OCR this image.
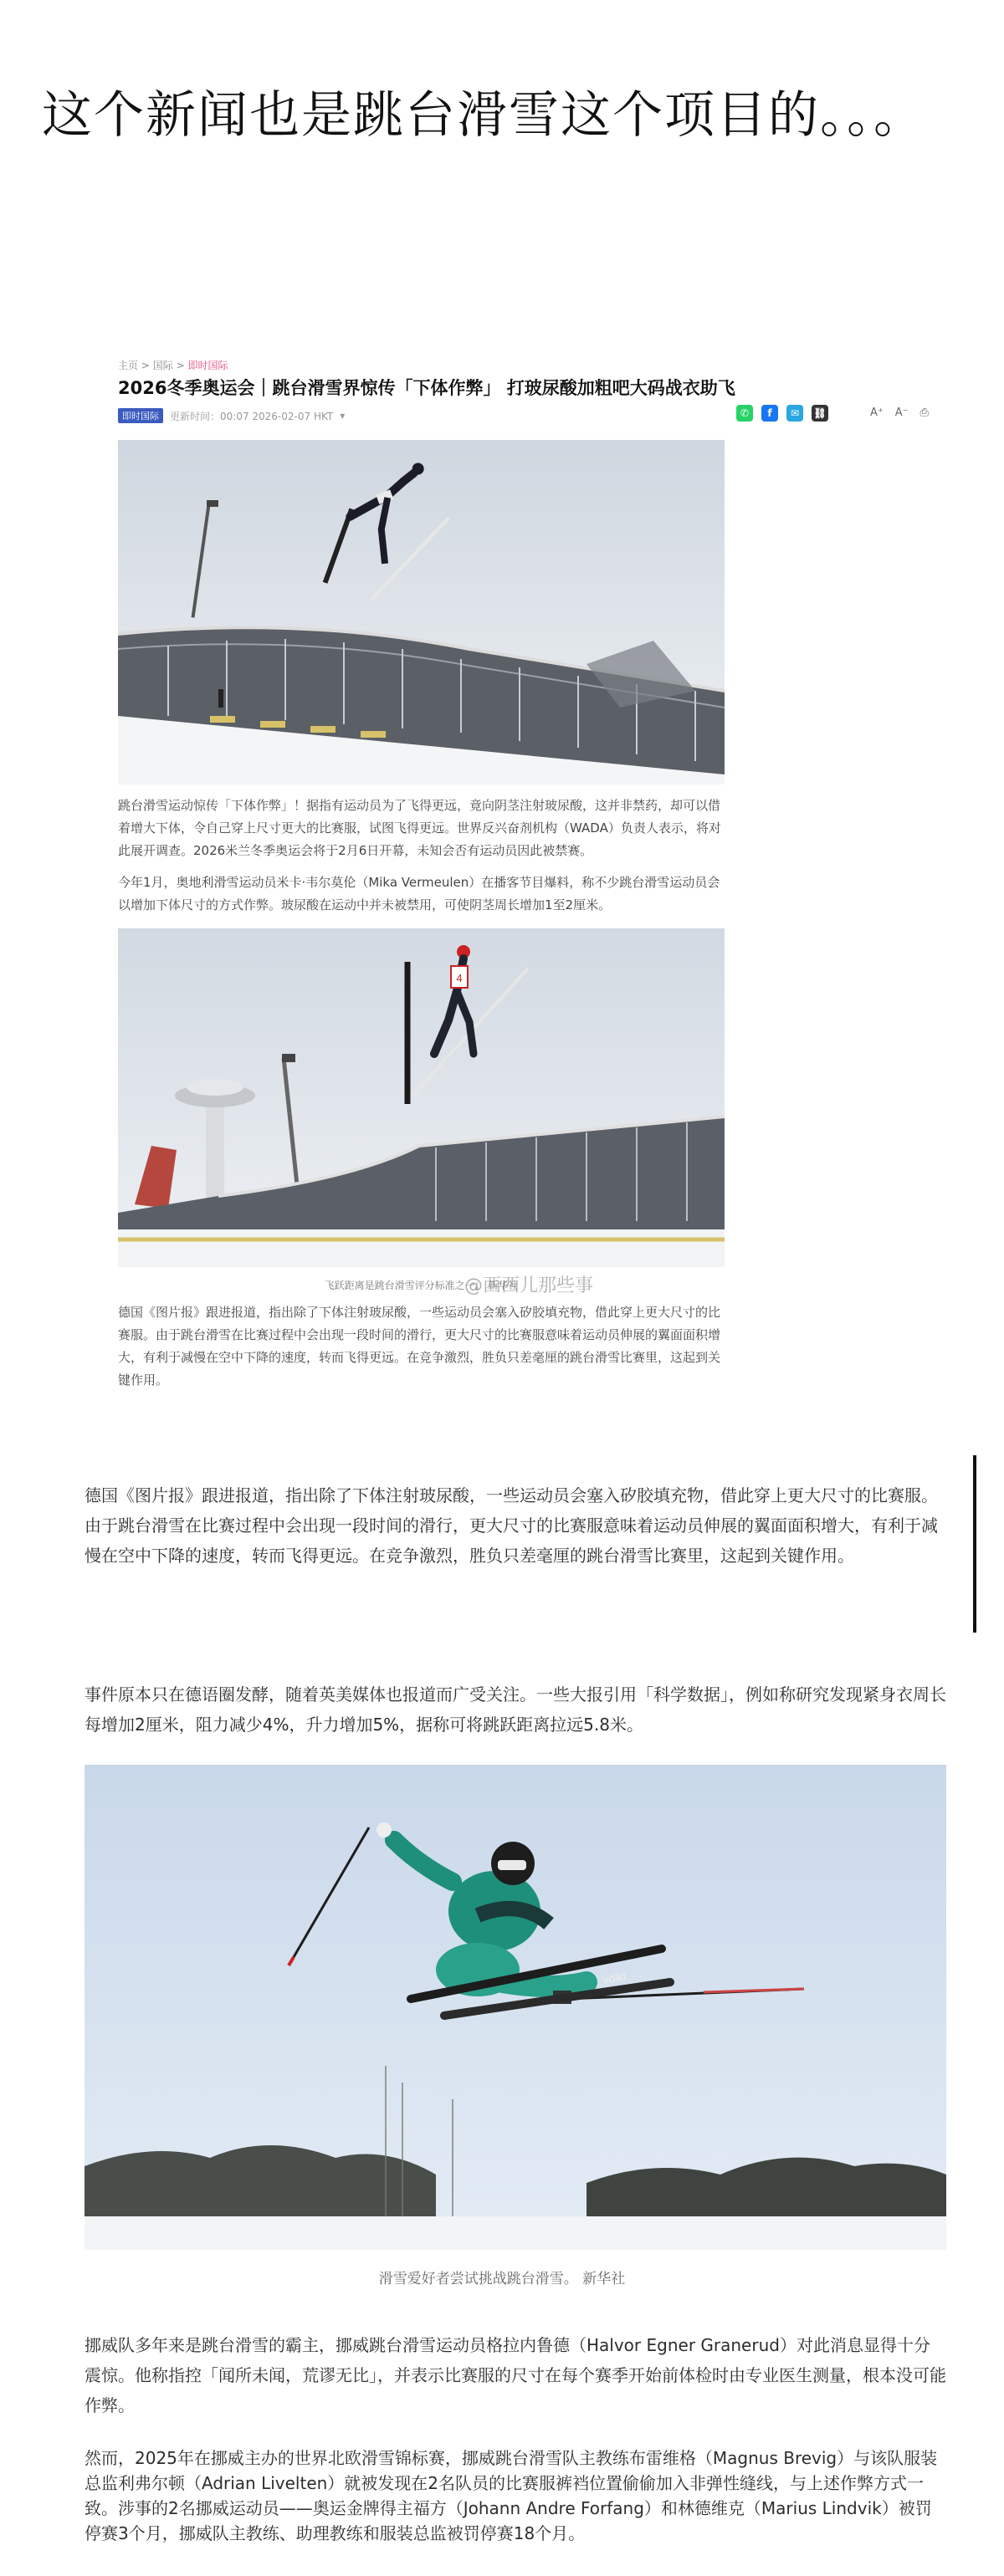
这个新闻也是跳台滑雪这个项目的。。。
主页 > 国际 > 即时国际
2026冬季奥运会｜跳台滑雪界惊传「下体作弊」 打玻尿酸加粗吧大码战衣助飞
即时国际	更新时间：00:07 2026-02-07 HKT ▾	✆	f	✉	⛓	A⁺ A⁻ ⎙
跳台滑雪运动惊传「下体作弊」！据指有运动员为了飞得更远，竟向阴茎注射玻尿酸，这并非禁药，却可以借着增大下体，令自己穿上尺寸更大的比赛服，试图飞得更远。世界反兴奋剂机构（WADA）负责人表示，将对此展开调查。2026米兰冬季奥运会将于2月6日开幕，未知会否有运动员因此被禁赛。
今年1月，奥地利滑雪运动员米卡·韦尔莫伦（Mika Vermeulen）在播客节目爆料，称不少跳台滑雪运动员会以增加下体尺寸的方式作弊。玻尿酸在运动中并未被禁用，可使阴茎周长增加1至2厘米。
4
飞跃距离是跳台滑雪评分标准之一。 新华社
@西西儿那些事
德国《图片报》跟进报道，指出除了下体注射玻尿酸，一些运动员会塞入矽胶填充物，借此穿上更大尺寸的比赛服。由于跳台滑雪在比赛过程中会出现一段时间的滑行，更大尺寸的比赛服意味着运动员伸展的翼面面积增大，有利于减慢在空中下降的速度，转而飞得更远。在竞争激烈，胜负只差毫厘的跳台滑雪比赛里，这起到关键作用。
德国《图片报》跟进报道，指出除了下体注射玻尿酸，一些运动员会塞入矽胶填充物，借此穿上更大尺寸的比赛服。由于跳台滑雪在比赛过程中会出现一段时间的滑行，更大尺寸的比赛服意味着运动员伸展的翼面面积增大，有利于减慢在空中下降的速度，转而飞得更远。在竞争激烈，胜负只差毫厘的跳台滑雪比赛里，这起到关键作用。
事件原本只在德语圈发酵，随着英美媒体也报道而广受关注。一些大报引用「科学数据」，例如称研究发现紧身衣周长每增加2厘米，阻力减少4%，升力增加5%，据称可将跳跃距离拉远5.8米。
völkl
滑雪爱好者尝试挑战跳台滑雪。 新华社
挪威队多年来是跳台滑雪的霸主，挪威跳台滑雪运动员格拉内鲁德（Halvor Egner Granerud）对此消息显得十分震惊。他称指控「闻所未闻，荒谬无比」，并表示比赛服的尺寸在每个赛季开始前体检时由专业医生测量，根本没可能作弊。
然而，2025年在挪威主办的世界北欧滑雪锦标赛，挪威跳台滑雪队主教练布雷维格（Magnus Brevig）与该队服装总监利弗尔顿（Adrian Livelten）就被发现在2名队员的比赛服裤裆位置偷偷加入非弹性缝线，与上述作弊方式一致。涉事的2名挪威运动员——奥运金牌得主福方（Johann Andre Forfang）和林德维克（Marius Lindvik）被罚停赛3个月，挪威队主教练、助理教练和服装总监被罚停赛18个月。
